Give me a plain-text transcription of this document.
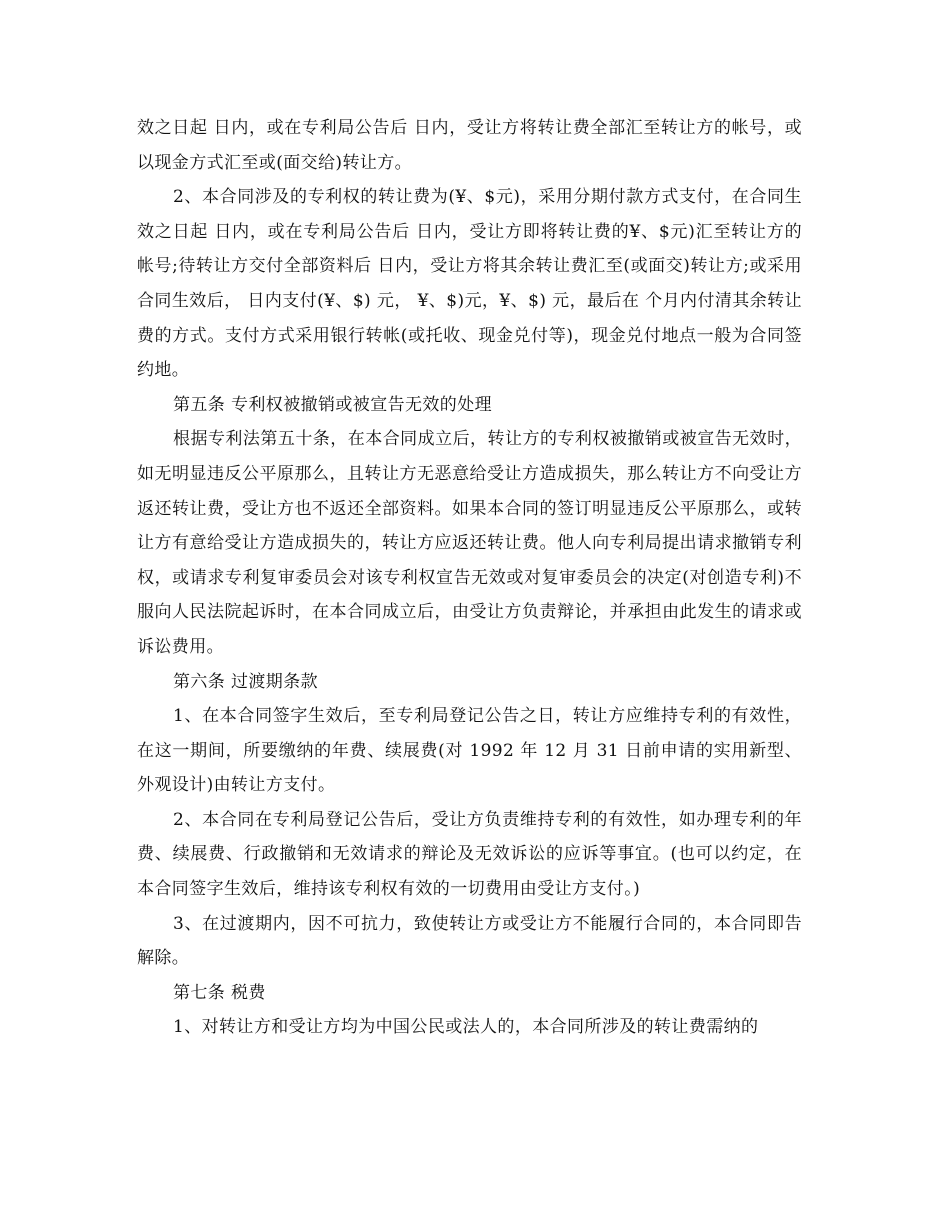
效之日起 日内，或在专利局公告后 日内，受让方将转让费全部汇至转让方的帐号，或以现金方式汇至或(面交给)转让方。

2、本合同涉及的专利权的转让费为(¥、$元)，采用分期付款方式支付，在合同生效之日起 日内，或在专利局公告后 日内，受让方即将转让费的¥、$元)汇至转让方的帐号;待转让方交付全部资料后 日内，受让方将其余转让费汇至(或面交)转让方;或采用合同生效后， 日内支付(¥、$) 元， ¥、$)元，¥、$) 元，最后在 个月内付清其余转让费的方式。支付方式采用银行转帐(或托收、现金兑付等)，现金兑付地点一般为合同签约地。

第五条 专利权被撤销或被宣告无效的处理

根据专利法第五十条，在本合同成立后，转让方的专利权被撤销或被宣告无效时，如无明显违反公平原那么，且转让方无恶意给受让方造成损失，那么转让方不向受让方返还转让费，受让方也不返还全部资料。如果本合同的签订明显违反公平原那么，或转让方有意给受让方造成损失的，转让方应返还转让费。他人向专利局提出请求撤销专利权，或请求专利复审委员会对该专利权宣告无效或对复审委员会的决定(对创造专利)不服向人民法院起诉时，在本合同成立后，由受让方负责辩论，并承担由此发生的请求或诉讼费用。

第六条 过渡期条款

1、在本合同签字生效后，至专利局登记公告之日，转让方应维持专利的有效性，在这一期间，所要缴纳的年费、续展费(对 1992 年 12 月 31 日前申请的实用新型、外观设计)由转让方支付。

2、本合同在专利局登记公告后，受让方负责维持专利的有效性，如办理专利的年费、续展费、行政撤销和无效请求的辩论及无效诉讼的应诉等事宜。(也可以约定，在本合同签字生效后，维持该专利权有效的一切费用由受让方支付。)

3、在过渡期内，因不可抗力，致使转让方或受让方不能履行合同的，本合同即告解除。

第七条 税费

1、对转让方和受让方均为中国公民或法人的，本合同所涉及的转让费需纳的
